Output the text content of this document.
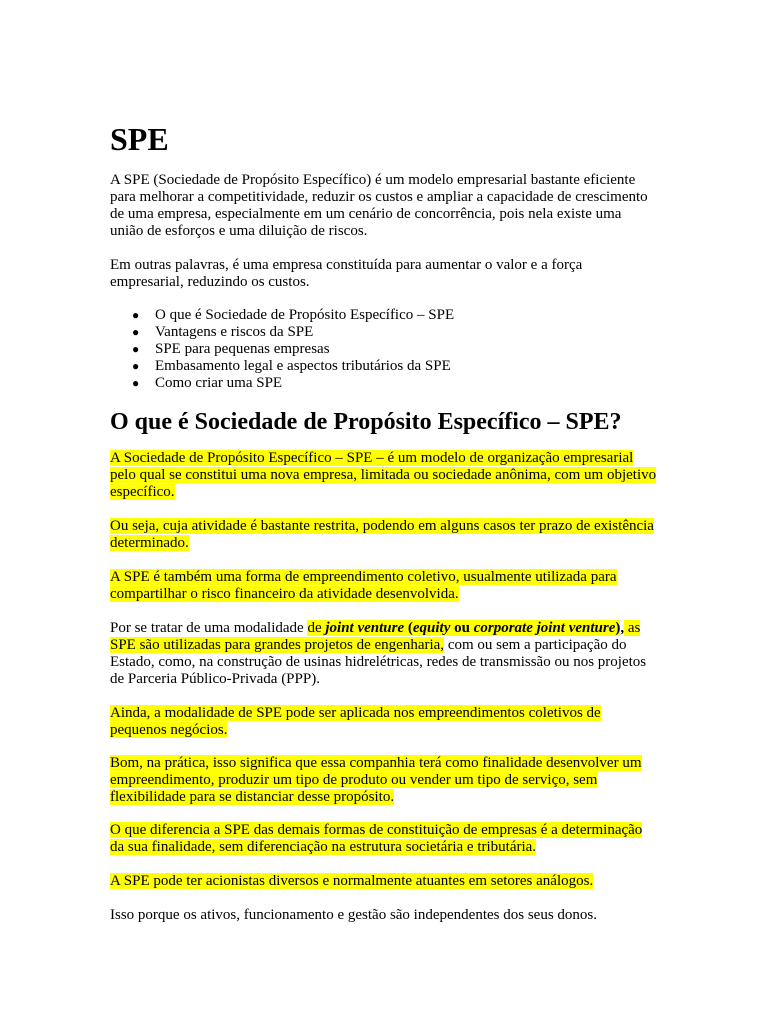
SPE

A SPE (Sociedade de Propósito Específico) é um modelo empresarial bastante eficiente para melhorar a competitividade, reduzir os custos e ampliar a capacidade de crescimento de uma empresa, especialmente em um cenário de concorrência, pois nela existe uma união de esforços e uma diluição de riscos.

Em outras palavras, é uma empresa constituída para aumentar o valor e a força empresarial, reduzindo os custos.

● O que é Sociedade de Propósito Específico – SPE
● Vantagens e riscos da SPE
● SPE para pequenas empresas
● Embasamento legal e aspectos tributários da SPE
● Como criar uma SPE
O que é Sociedade de Propósito Específico – SPE?

A Sociedade de Propósito Específico – SPE – é um modelo de organização empresarial pelo qual se constitui uma nova empresa, limitada ou sociedade anônima, com um objetivo específico.

Ou seja, cuja atividade é bastante restrita, podendo em alguns casos ter prazo de existência determinado.

A SPE é também uma forma de empreendimento coletivo, usualmente utilizada para compartilhar o risco financeiro da atividade desenvolvida.

Por se tratar de uma modalidade de joint venture (equity ou corporate joint venture), as SPE são utilizadas para grandes projetos de engenharia, com ou sem a participação do Estado, como, na construção de usinas hidrelétricas, redes de transmissão ou nos projetos de Parceria Público-Privada (PPP).

Ainda, a modalidade de SPE pode ser aplicada nos empreendimentos coletivos de pequenos negócios.

Bom, na prática, isso significa que essa companhia terá como finalidade desenvolver um empreendimento, produzir um tipo de produto ou vender um tipo de serviço, sem flexibilidade para se distanciar desse propósito.

O que diferencia a SPE das demais formas de constituição de empresas é a determinação da sua finalidade, sem diferenciação na estrutura societária e tributária.

A SPE pode ter acionistas diversos e normalmente atuantes em setores análogos.

Isso porque os ativos, funcionamento e gestão são independentes dos seus donos.
